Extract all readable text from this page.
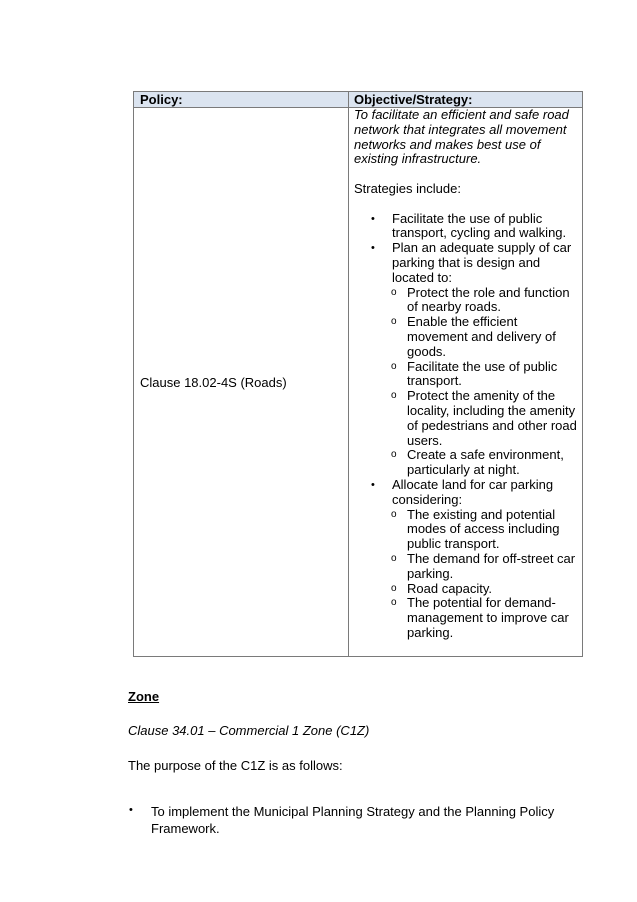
Policy:	Objective/Strategy:
Clause 18.02-4S (Roads)

To facilitate an efficient and safe road network that integrates all movement networks and makes best use of existing infrastructure.

Strategies include:

• Facilitate the use of public transport, cycling and walking.
• Plan an adequate supply of car parking that is design and located to:
o Protect the role and function of nearby roads.
o Enable the efficient movement and delivery of goods.
o Facilitate the use of public transport.
o Protect the amenity of the locality, including the amenity of pedestrians and other road users.
o Create a safe environment, particularly at night.
• Allocate land for car parking considering:
o The existing and potential modes of access including public transport.
o The demand for off-street car parking.
o Road capacity.
o The potential for demand-management to improve car parking.
Zone
Clause 34.01 – Commercial 1 Zone (C1Z)
The purpose of the C1Z is as follows:
• To implement the Municipal Planning Strategy and the Planning Policy Framework.
